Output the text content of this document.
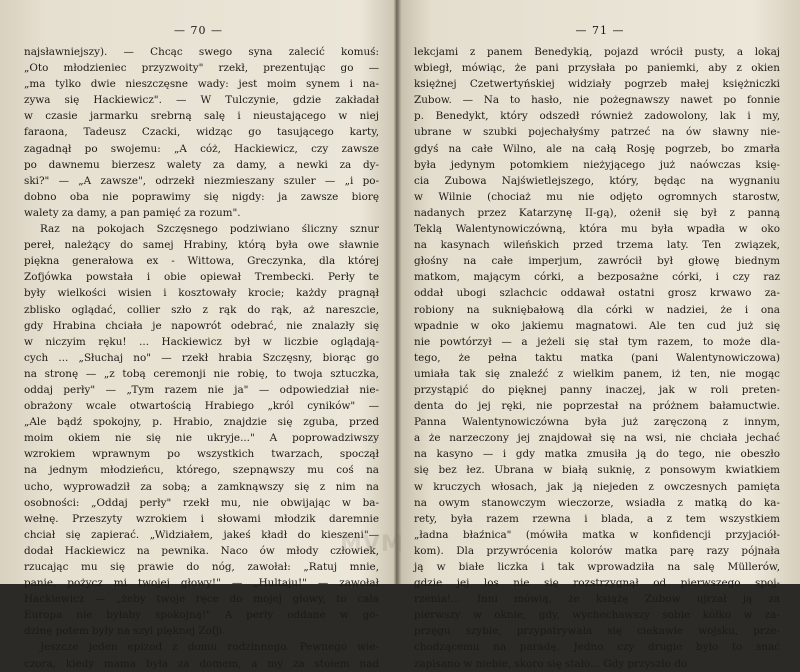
— 70 —
najsławniejszy). — Chcąc swego syna zalecić komuś:
„Oto młodzieniec przyzwoity" rzekł, prezentując go —
„ma tylko dwie nieszczęsne wady: jest moim synem i na-
zywa się Hackiewicz". — W Tulczynie, gdzie zakładał
w czasie jarmarku srebrną salę i nieustającego w niej
faraona, Tadeusz Czacki, widząc go tasującego karty,
zagadnął po swojemu: „A cóż, Hackiewicz, czy zawsze
po dawnemu bierzesz walety za damy, a newki za dy-
ski?" — „A zawsze", odrzekł niezmieszany szuler — „i po-
dobno oba nie poprawimy się nigdy: ja zawsze biorę
walety za damy, a pan pamięć za rozum".
Raz na pokojach Szczęsnego podziwiano śliczny sznur
pereł, należący do samej Hrabiny, którą była owe sławnie
piękna generałowa ex - Wittowa, Greczynka, dla której
Zofjówka powstała i obie opiewał Trembecki. Perły te
były wielkości wisien i kosztowały krocie; każdy pragnął
zblisko oglądać, collier szło z rąk do rąk, aż nareszcie,
gdy Hrabina chciała je napowrót odebrać, nie znalazły się
w niczyim ręku! ... Hackiewicz był w liczbie oglądają-
cych ... „Słuchaj no" — rzekł hrabia Szczęsny, biorąc go
na stronę — „z tobą ceremonji nie robię, to twoja sztuczka,
oddaj perły" — „Tym razem nie ja" — odpowiedział nie-
obrażony wcale otwartością Hrabiego „król cyników" —
„Ale bądź spokojny, p. Hrabio, znajdzie się zguba, przed
moim okiem nie się nie ukryje..." A poprowadziwszy
wzrokiem wprawnym po wszystkich twarzach, spoczął
na jednym młodzieńcu, którego, szepnąwszy mu coś na
ucho, wyprowadził za sobą; a zamknąwszy się z nim na
osobności: „Oddaj perły" rzekł mu, nie obwijając w ba-
wełnę. Przeszyty wzrokiem i słowami młodzik daremnie
chciał się zapierać. „Widziałem, jakeś kładł do kieszeni"—
dodał Hackiewicz na pewnika. Naco ów młody człowiek,
rzucając mu się prawie do nóg, zawołał: „Ratuj mnie,
panie, pożycz mi twojej głowy!" — „Hultaju!" — zawołał
Hackiewicz — „żeby twoje ręce do mojej głowy, to cała
Europa nie byłaby spokojną!" A perły oddane w go-
dzinę potem były na szyi pięknej Zofji.
Jeszcze jeden epizod z domu rodzinnego. Pewnego wie-
czora, kiedy mama była za domem, a my za stołem nad
— 71 —
lekcjami z panem Benedykią, pojazd wrócił pusty, a lokaj
wbiegł, mówiąc, że pani przysłała po paniemki, aby z okien
księżnej Czetwertyńskiej widziały pogrzeb małej księżniczki
Zubow. — Na to hasło, nie pożegnawszy nawet po fonnie
p. Benedykt, który odszedł również zadowolony, lak i my,
ubrane w szubki pojechałyśmy patrzeć na ów sławny nie-
gdyś na całe Wilno, ale na całą Rosję pogrzeb, bo zmarła
była jedynym potomkiem nieżyjącego już naówczas księ-
cia Zubowa Najświetlejszego, który, będąc na wygnaniu
w Wilnie (chociaż mu nie odjęto ogromnych starostw,
nadanych przez Katarzynę II-gą), ożenił się był z panną
Teklą Walentynowiczówną, która mu była wpadła w oko
na kasynach wileńskich przed trzema laty. Ten związek,
głośny na całe imperjum, zawrócił był głowę biednym
matkom, mającym córki, a bezposażne córki, i czy raz
oddał ubogi szlachcic oddawał ostatni grosz krwawo za-
robiony na sukniębałową dla córki w nadziei, że i ona
wpadnie w oko jakiemu magnatowi. Ale ten cud już się
nie powtórzył — a jeżeli się stał tym razem, to może dla-
tego, że pełna taktu matka (pani Walentynowiczowa)
umiała tak się znaleźć z wielkim panem, iż ten, nie mogąc
przystąpić do pięknej panny inaczej, jak w roli preten-
denta do jej ręki, nie poprzestał na próżnem bałamuctwie.
Panna Walentynowiczówna była już zaręczoną z innym,
a że narzeczony jej znajdował się na wsi, nie chciała jechać
na kasyno — i gdy matka zmusiła ją do tego, nie obeszło
się bez łez. Ubrana w białą suknię, z ponsowym kwiatkiem
w kruczych włosach, jak ją niejeden z owczesnych pamięta
na owym stanowczym wieczorze, wsiadła z matką do ka-
rety, była razem rzewna i blada, a z tem wszystkiem
„ładna błaźnica" (mówiła matka w konfidencji przyjaciół-
kom). Dla przywrócenia kolorów matka parę razy pójnała
ją w białe liczka i tak wprowadziła na salę Müllerów,
gdzie jej los nie się rozstrzygnął od pierwszego spoj-
rzenia!... Inni mówią, że książę Zubow ujrzał ją za
pierwszy w oknie, gdy, wychechawszy sobie kółko w za-
przęgu szybie, przypatrywała się ciekawie wojsku, prze-
chodzącemu na paradę. Jedno czy drugie było to snać
zapisano w niebie, skoro się stało... Gdy przyszło do
MVM
